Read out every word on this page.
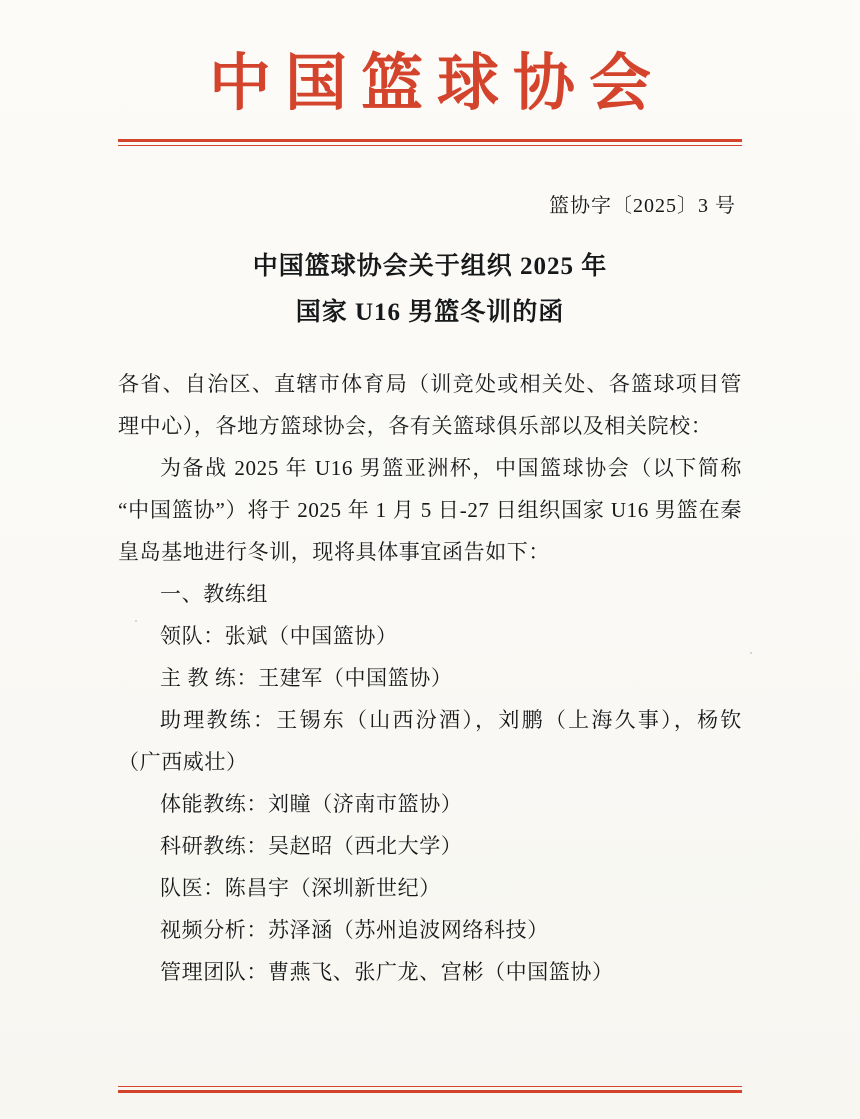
中国篮球协会
篮协字〔2025〕3 号
中国篮球协会关于组织 2025 年
国家 U16 男篮冬训的函

各省、自治区、直辖市体育局（训竞处或相关处、各篮球项目管理中心），各地方篮球协会，各有关篮球俱乐部以及相关院校：

为备战 2025 年 U16 男篮亚洲杯，中国篮球协会（以下简称“中国篮协”）将于 2025 年 1 月 5 日-27 日组织国家 U16 男篮在秦皇岛基地进行冬训，现将具体事宜函告如下：

一、教练组

领队：张斌（中国篮协）

主 教 练：王建军（中国篮协）

助理教练：王锡东（山西汾酒），刘鹏（上海久事），杨钦（广西威壮）

体能教练：刘瞳（济南市篮协）

科研教练：吴赵昭（西北大学）

队医：陈昌宇（深圳新世纪）

视频分析：苏泽涵（苏州追波网络科技）

管理团队：曹燕飞、张广龙、宫彬（中国篮协）
